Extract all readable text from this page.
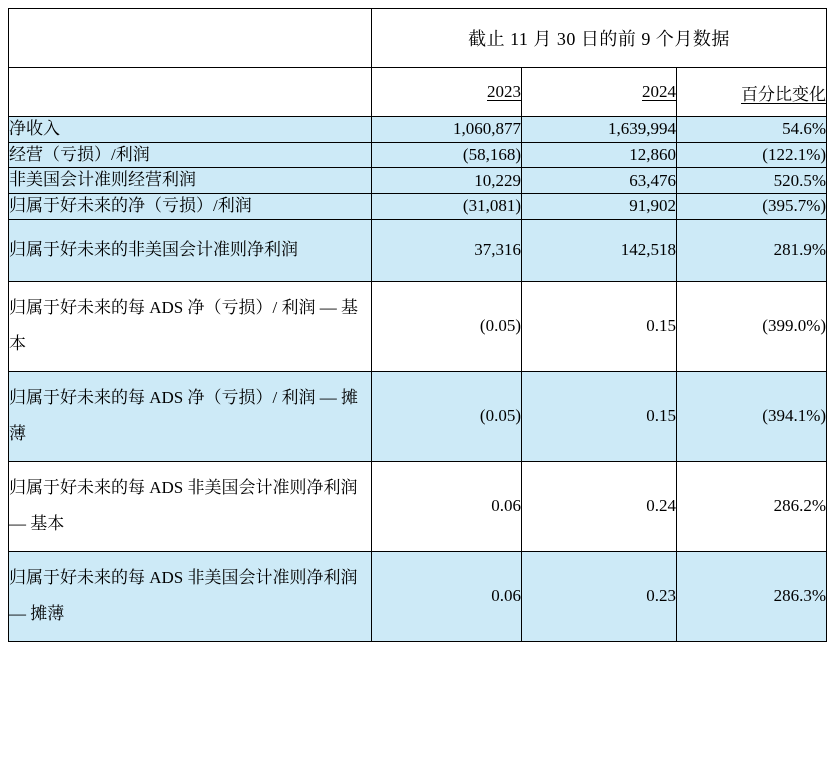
	截止 11 月 30 日的前 9 个月数据		
	2023	2024	百分比变化
净收入	1,060,877	1,639,994	54.6%
经营（亏损）/利润	(58,168)	12,860	(122.1%)
非美国会计准则经营利润	10,229	63,476	520.5%
归属于好未来的净（亏损）/利润	(31,081)	91,902	(395.7%)
归属于好未来的非美国会计准则净利润	37,316	142,518	281.9%
归属于好未来的每 ADS 净（亏损）/ 利润 — 基本	(0.05)	0.15	(399.0%)
归属于好未来的每 ADS 净（亏损）/ 利润 — 摊薄	(0.05)	0.15	(394.1%)
归属于好未来的每 ADS 非美国会计准则净利润 — 基本	0.06	0.24	286.2%
归属于好未来的每 ADS 非美国会计准则净利润 — 摊薄	0.06	0.23	286.3%
